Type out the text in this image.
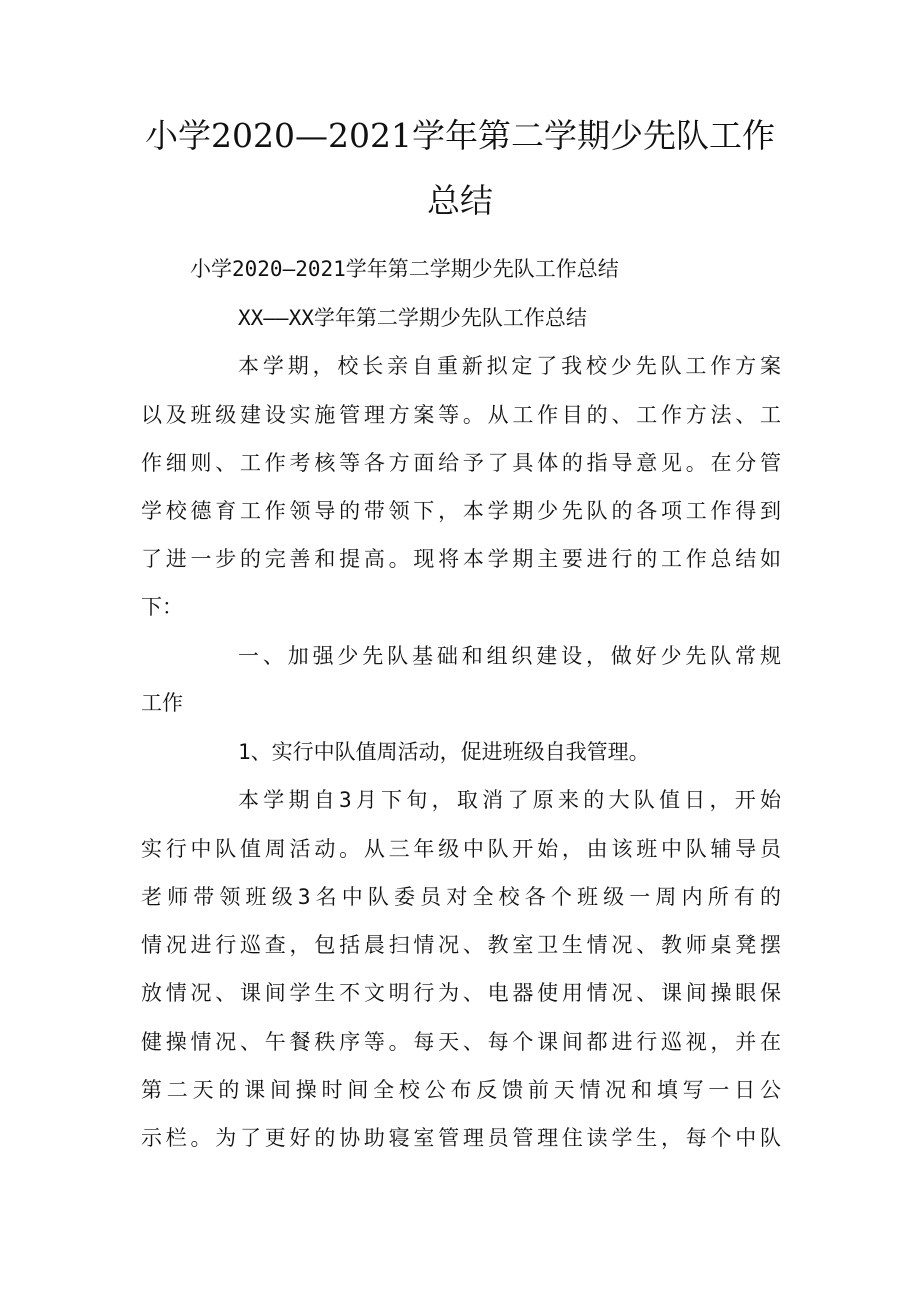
小学2020—2021学年第二学期少先队工作
总结
小学2020—2021学年第二学期少先队工作总结
XX——XX学年第二学期少先队工作总结
本学期，校长亲自重新拟定了我校少先队工作方案
以及班级建设实施管理方案等。从工作目的、工作方法、工
作细则、工作考核等各方面给予了具体的指导意见。在分管
学校德育工作领导的带领下，本学期少先队的各项工作得到
了进一步的完善和提高。现将本学期主要进行的工作总结如
下：
一、加强少先队基础和组织建设，做好少先队常规
工作
1、实行中队值周活动，促进班级自我管理。
本学期自3月下旬，取消了原来的大队值日，开始
实行中队值周活动。从三年级中队开始，由该班中队辅导员
老师带领班级3名中队委员对全校各个班级一周内所有的
情况进行巡查，包括晨扫情况、教室卫生情况、教师桌凳摆
放情况、课间学生不文明行为、电器使用情况、课间操眼保
健操情况、午餐秩序等。每天、每个课间都进行巡视，并在
第二天的课间操时间全校公布反馈前天情况和填写一日公
示栏。为了更好的协助寝室管理员管理住读学生，每个中队
